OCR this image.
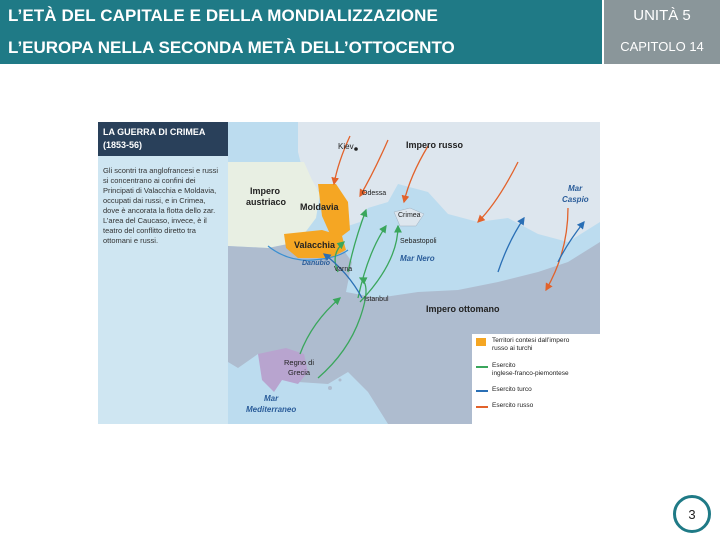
L’ETÀ DEL CAPITALE E DELLA MONDIALIZZAZIONE
L’EUROPA NELLA SECONDA METÀ DELL’OTTOCENTO
UNITÀ 5
CAPITOLO 14
LA GUERRA DI CRIMEA
(1853-56)
Gli scontri tra anglofrancesi e russi si concentrano ai confini dei Principati di Valacchia e Moldavia, occupati dai russi, e in Crimea, dove è ancorata la flotta dello zar. L’area del Caucaso, invece, è il teatro del conflitto diretto tra ottomani e russi.
Kiev	Impero russo
Impero
austriaco Moldavia
Valacchia
Danubio
Odessa
Crimea
Sebastopoli
Mar Nero
Mar
Caspio
Varna
Istanbul
Impero ottomano
Regno di
Grecia
Mar
Mediterraneo
Territori contesi dall’impero
russo ai turchi
Esercito
inglese-franco-piemontese
Esercito turco
Esercito russo
3
